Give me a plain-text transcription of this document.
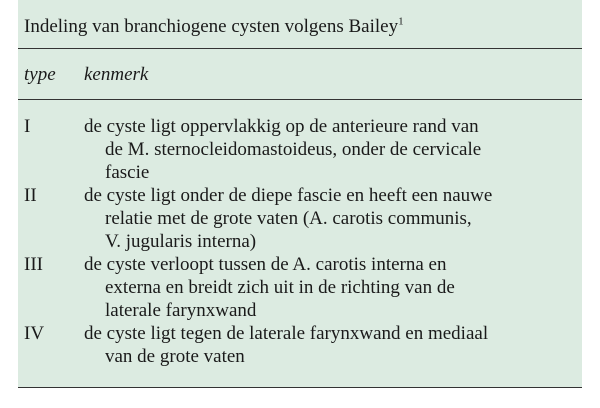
Indeling van branchiogene cysten volgens Bailey$^1$
type kenmerk
I	de cyste ligt oppervlakkig op de anterieure rand van
de M. sternocleidomastoideus, onder de cervicale
fascie
II de cyste ligt onder de diepe fascie en heeft een nauwe
relatie met de grote vaten (A. carotis communis,
V. jugularis interna)
III de cyste verloopt tussen de A. carotis interna en
externa en breidt zich uit in de richting van de
laterale farynxwand
IV de cyste ligt tegen de laterale farynxwand en mediaal
van de grote vaten
